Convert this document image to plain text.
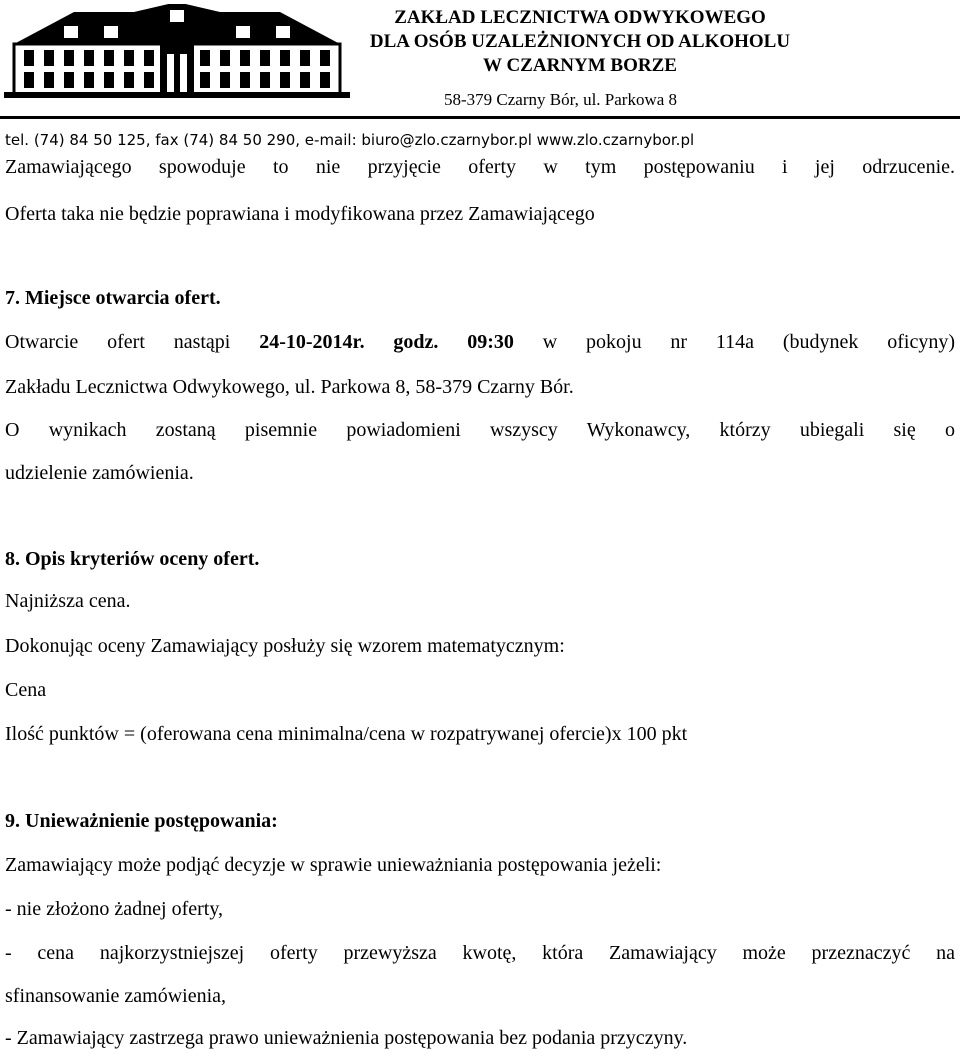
ZAKŁAD LECZNICTWA ODWYKOWEGO
DLA OSÓB UZALEŻNIONYCH OD ALKOHOLU
W CZARNYM BORZE
58-379 Czarny Bór, ul. Parkowa 8
tel. (74) 84 50 125, fax (74) 84 50 290, e-mail: biuro@zlo.czarnybor.pl www.zlo.czarnybor.pl
Zamawiającego spowoduje to nie przyjęcie oferty w tym postępowaniu i jej odrzucenie.
Oferta taka nie będzie poprawiana i modyfikowana przez Zamawiającego
7. Miejsce otwarcia ofert.
Otwarcie ofert nastąpi 24-10-2014r. godz. 09:30 w pokoju nr 114a (budynek oficyny)
Zakładu Lecznictwa Odwykowego, ul. Parkowa 8, 58-379 Czarny Bór.
O wynikach zostaną pisemnie powiadomieni wszyscy Wykonawcy, którzy ubiegali się o
udzielenie zamówienia.
8. Opis kryteriów oceny ofert.
Najniższa cena.
Dokonując oceny Zamawiający posłuży się wzorem matematycznym:
Cena
Ilość punktów = (oferowana cena minimalna/cena w rozpatrywanej ofercie)x 100 pkt
9. Unieważnienie postępowania:
Zamawiający może podjąć decyzje w sprawie unieważniania postępowania jeżeli:
- nie złożono żadnej oferty,
- cena najkorzystniejszej oferty przewyższa kwotę, która Zamawiający może przeznaczyć na
sfinansowanie zamówienia,
- Zamawiający zastrzega prawo unieważnienia postępowania bez podania przyczyny.
